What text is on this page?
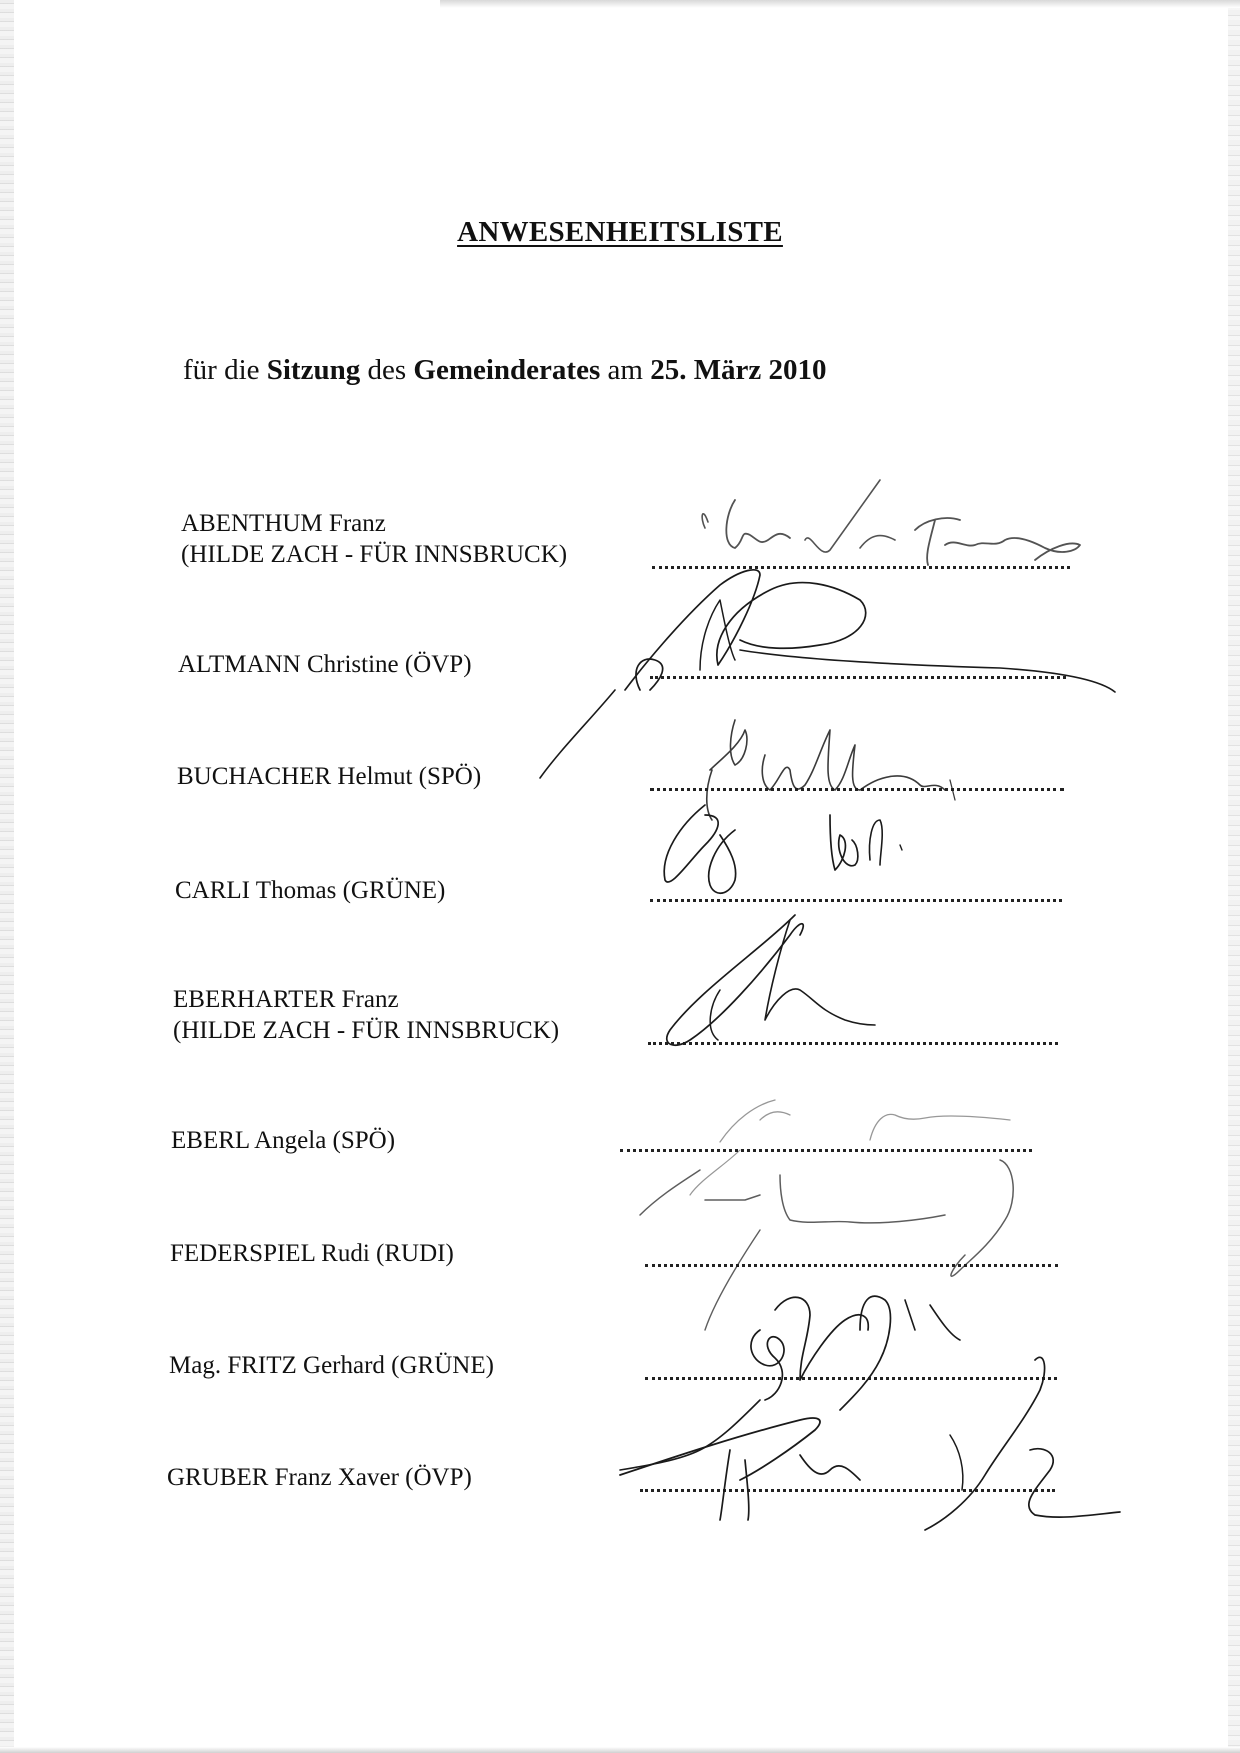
ANWESENHEITSLISTE

für die Sitzung des Gemeinderates am 25. März 2010

ABENTHUM Franz
(HILDE ZACH - FÜR INNSBRUCK)
ALTMANN Christine (ÖVP)
BUCHACHER Helmut (SPÖ)
CARLI Thomas (GRÜNE)
EBERHARTER Franz
(HILDE ZACH - FÜR INNSBRUCK)
EBERL Angela (SPÖ)
FEDERSPIEL Rudi (RUDI)
Mag. FRITZ Gerhard (GRÜNE)
GRUBER Franz Xaver (ÖVP)
